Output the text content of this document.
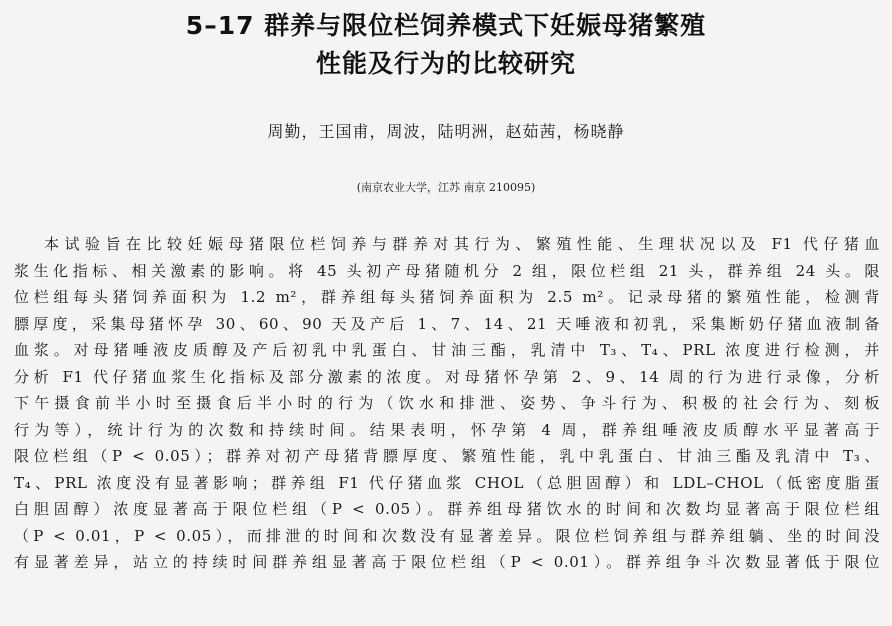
5–17 群养与限位栏饲养模式下妊娠母猪繁殖
性能及行为的比较研究
周勤，王国甫，周波，陆明洲，赵茹茜，杨晓静
(南京农业大学，江苏 南京 210095)
本试验旨在比较妊娠母猪限位栏饲养与群养对其行为、繁殖性能、生理状况以及 F1 代仔猪血
浆生化指标、相关激素的影响。将 45 头初产母猪随机分 2 组，限位栏组 21 头，群养组 24 头。限
位栏组每头猪饲养面积为 1.2 m²，群养组每头猪饲养面积为 2.5 m²。记录母猪的繁殖性能，检测背
膘厚度，采集母猪怀孕 30、60、90 天及产后 1、7、14、21 天唾液和初乳，采集断奶仔猪血液制备
血浆。对母猪唾液皮质醇及产后初乳中乳蛋白、甘油三酯，乳清中 T₃、T₄、PRL 浓度进行检测，并
分析 F1 代仔猪血浆生化指标及部分激素的浓度。对母猪怀孕第 2、9、14 周的行为进行录像，分析
下午摄食前半小时至摄食后半小时的行为（饮水和排泄、姿势、争斗行为、积极的社会行为、刻板
行为等），统计行为的次数和持续时间。结果表明，怀孕第 4 周，群养组唾液皮质醇水平显著高于
限位栏组（P < 0.05）；群养对初产母猪背膘厚度、繁殖性能，乳中乳蛋白、甘油三酯及乳清中 T₃、
T₄、PRL 浓度没有显著影响；群养组 F1 代仔猪血浆 CHOL（总胆固醇）和 LDL–CHOL（低密度脂蛋
白胆固醇）浓度显著高于限位栏组（P < 0.05）。群养组母猪饮水的时间和次数均显著高于限位栏组
（P < 0.01，P < 0.05），而排泄的时间和次数没有显著差异。限位栏饲养组与群养组躺、坐的时间没
有显著差异，站立的持续时间群养组显著高于限位栏组（P < 0.01）。群养组争斗次数显著低于限位
